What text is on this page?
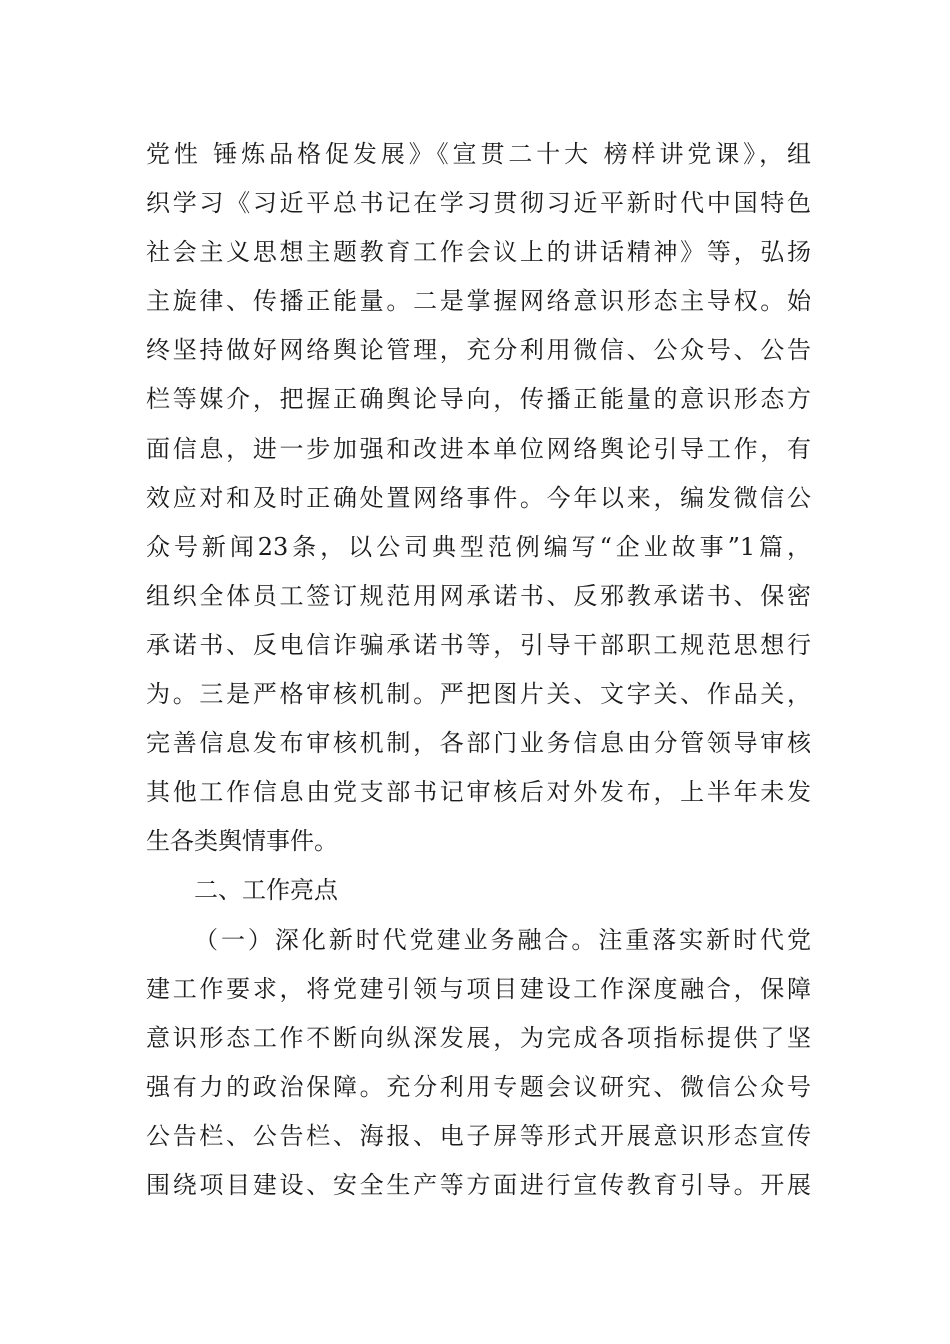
党性 锤炼品格促发展》《宣贯二十大 榜样讲党课》，组
织学习《习近平总书记在学习贯彻习近平新时代中国特色
社会主义思想主题教育工作会议上的讲话精神》等，弘扬
主旋律、传播正能量。二是掌握网络意识形态主导权。始
终坚持做好网络舆论管理，充分利用微信、公众号、公告
栏等媒介，把握正确舆论导向，传播正能量的意识形态方
面信息，进一步加强和改进本单位网络舆论引导工作，有
效应对和及时正确处置网络事件。今年以来，编发微信公
众号新闻23条，以公司典型范例编写“企业故事”1篇，
组织全体员工签订规范用网承诺书、反邪教承诺书、保密
承诺书、反电信诈骗承诺书等，引导干部职工规范思想行
为。三是严格审核机制。严把图片关、文字关、作品关，
完善信息发布审核机制，各部门业务信息由分管领导审核
其他工作信息由党支部书记审核后对外发布，上半年未发
生各类舆情事件。
二、工作亮点
（一）深化新时代党建业务融合。注重落实新时代党
建工作要求，将党建引领与项目建设工作深度融合，保障
意识形态工作不断向纵深发展，为完成各项指标提供了坚
强有力的政治保障。充分利用专题会议研究、微信公众号
公告栏、公告栏、海报、电子屏等形式开展意识形态宣传
围绕项目建设、安全生产等方面进行宣传教育引导。开展
